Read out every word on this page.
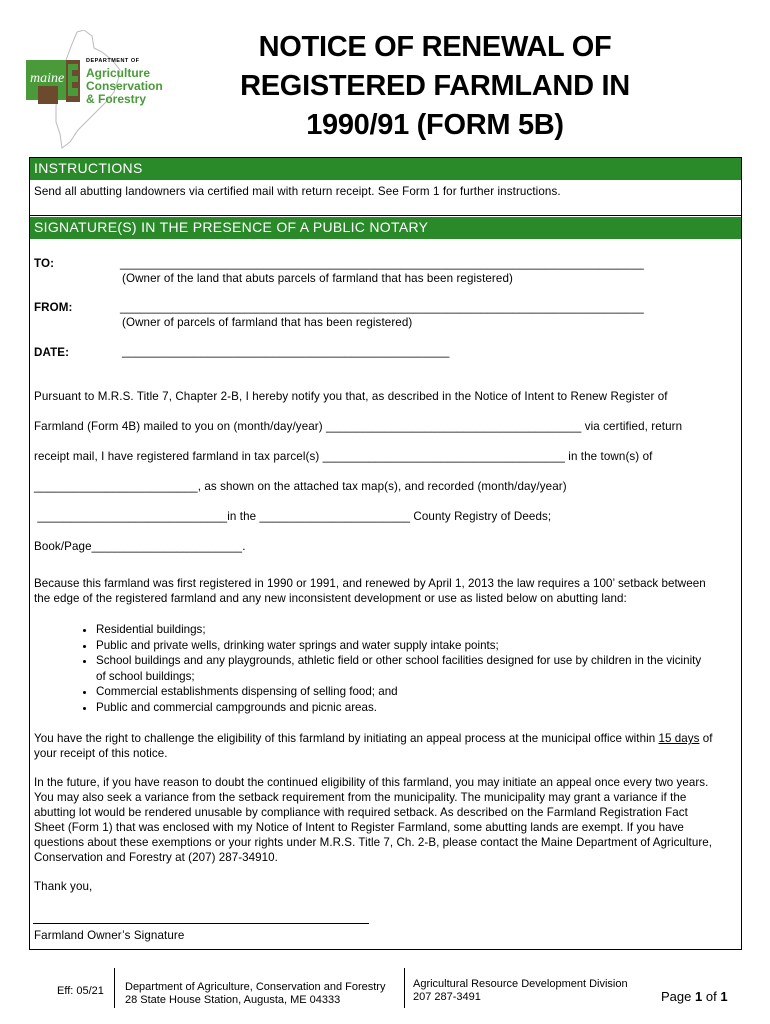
maine
DEPARTMENT OF
Agriculture
Conservation
& Forestry
NOTICE OF RENEWAL OF
REGISTERED FARMLAND IN
1990/91 (FORM 5B)
INSTRUCTIONS
Send all abutting landowners via certified mail with return receipt. See Form 1 for further instructions.
SIGNATURE(S) IN THE PRESENCE OF A PUBLIC NOTARY
TO:	________________________________________________________________________________
(Owner of the land that abuts parcels of farmland that has been registered)
FROM:	________________________________________________________________________________
(Owner of parcels of farmland that has been registered)
DATE:	__________________________________________________
Pursuant to M.R.S. Title 7, Chapter 2-B, I hereby notify you that, as described in the Notice of Intent to Renew Register of
Farmland (Form 4B) mailed to you on (month/day/year) _______________________________________ via certified, return
receipt mail, I have registered farmland in tax parcel(s) _____________________________________ in the town(s) of
_________________________, as shown on the attached tax map(s), and recorded (month/day/year)
_____________________________in the _______________________ County Registry of Deeds;
Book/Page_______________________.
Because this farmland was first registered in 1990 or 1991, and renewed by April 1, 2013 the law requires a 100’ setback between the edge of the registered farmland and any new inconsistent development or use as listed below on abutting land:
• Residential buildings;
• Public and private wells, drinking water springs and water supply intake points;
• School buildings and any playgrounds, athletic field or other school facilities designed for use by children in the vicinity of school buildings;
• Commercial establishments dispensing of selling food; and
• Public and commercial campgrounds and picnic areas.
You have the right to challenge the eligibility of this farmland by initiating an appeal process at the municipal office within 15 days of your receipt of this notice.
In the future, if you have reason to doubt the continued eligibility of this farmland, you may initiate an appeal once every two years. You may also seek a variance from the setback requirement from the municipality. The municipality may grant a variance if the abutting lot would be rendered unusable by compliance with required setback. As described on the Farmland Registration Fact Sheet (Form 1) that was enclosed with my Notice of Intent to Register Farmland, some abutting lands are exempt. If you have questions about these exemptions or your rights under M.R.S. Title 7, Ch. 2-B, please contact the Maine Department of Agriculture, Conservation and Forestry at (207) 287-34910.
Thank you,
Farmland Owner’s Signature
Eff: 05/21 Department of Agriculture, Conservation and Forestry
28 State House Station, Augusta, ME 04333
Agricultural Resource Development Division
207 287-3491	Page 1 of 1
